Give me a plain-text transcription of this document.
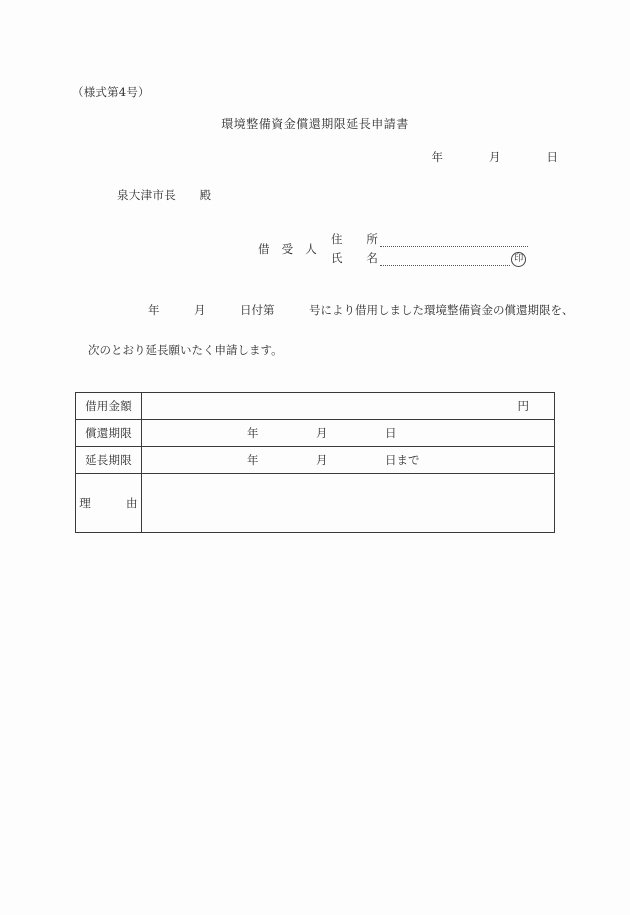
（様式第4号）
環境整備資金償還期限延長申請書
年　　　　月　　　　日
泉大津市長　　殿
借　受　人
住　　所
氏　　名	印
年　　　月　　　日付第　　　号により借用しました環境整備資金の償還期限を、
次のとおり延長願いたく申請します。
借用金額	円

償還期限	年　　　　　月　　　　　日

延長期限	年　　　　　月　　　　　日まで

理　　　由	
